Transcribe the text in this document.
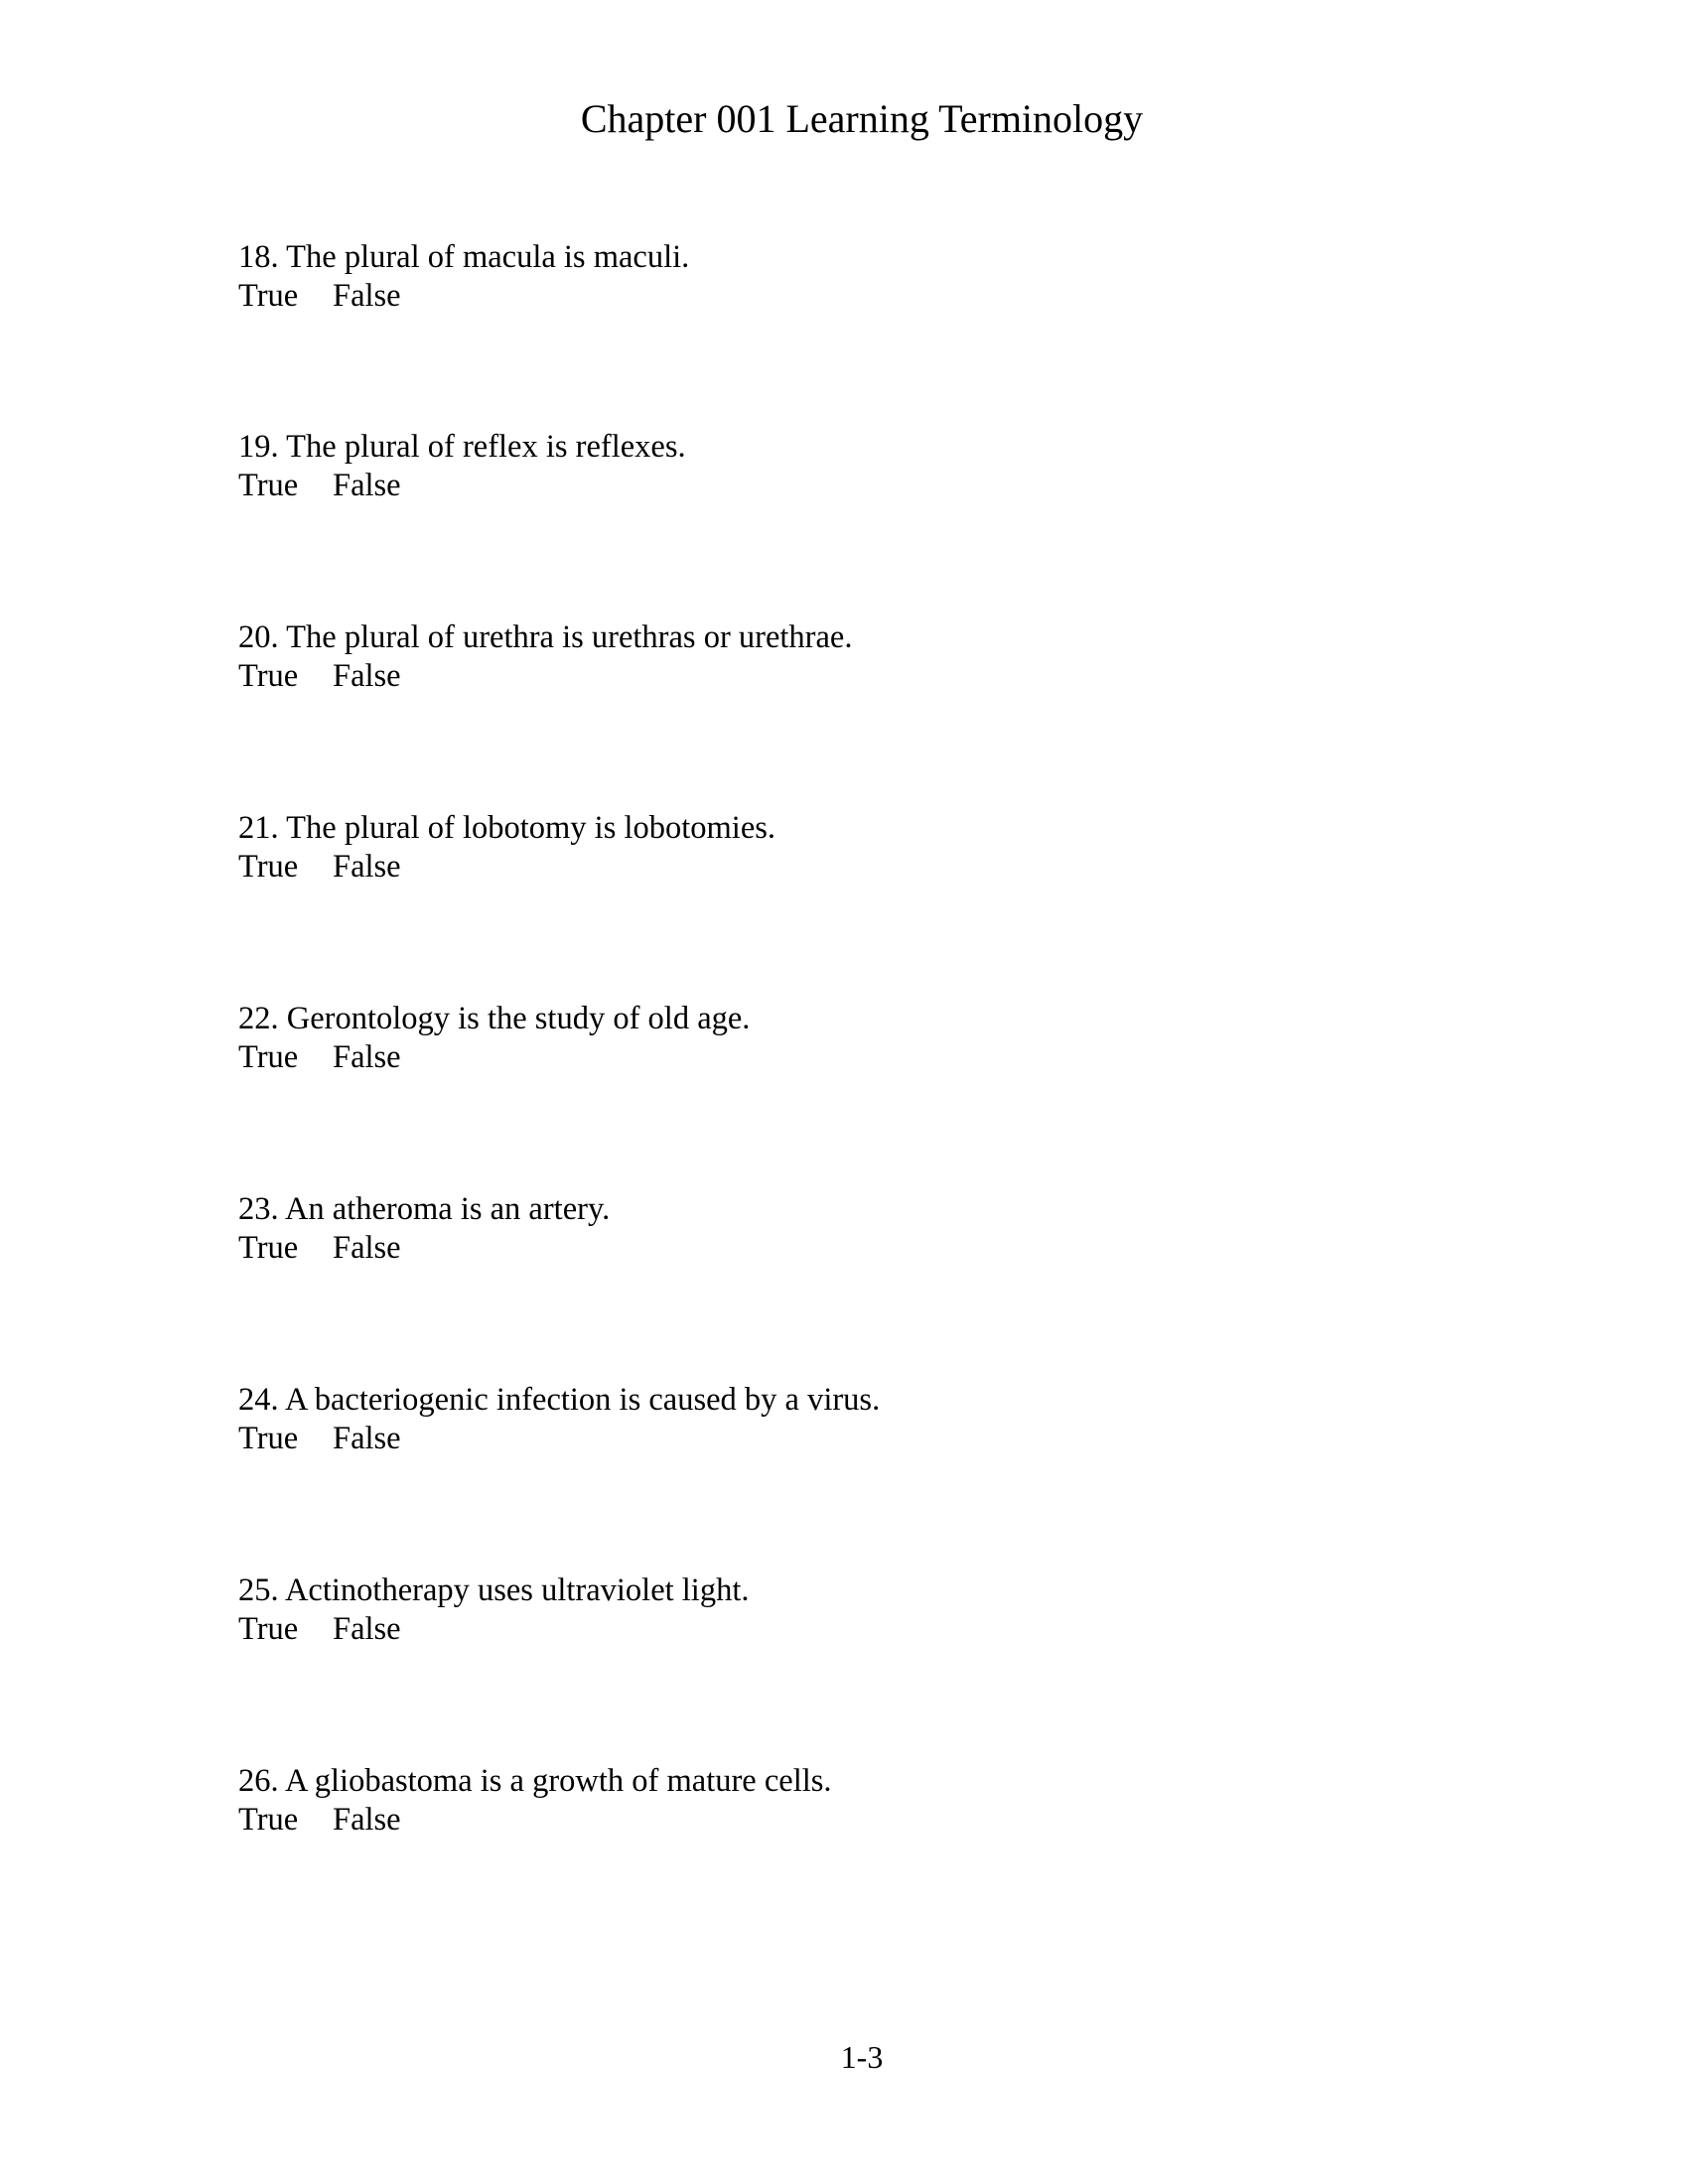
Chapter 001 Learning Terminology
18. The plural of macula is maculi.
True False
19. The plural of reflex is reflexes.
True False
20. The plural of urethra is urethras or urethrae.
True False
21. The plural of lobotomy is lobotomies.
True False
22. Gerontology is the study of old age.
True False
23. An atheroma is an artery.
True False
24. A bacteriogenic infection is caused by a virus.
True False
25. Actinotherapy uses ultraviolet light.
True False
26. A gliobastoma is a growth of mature cells.
True False
1-3
